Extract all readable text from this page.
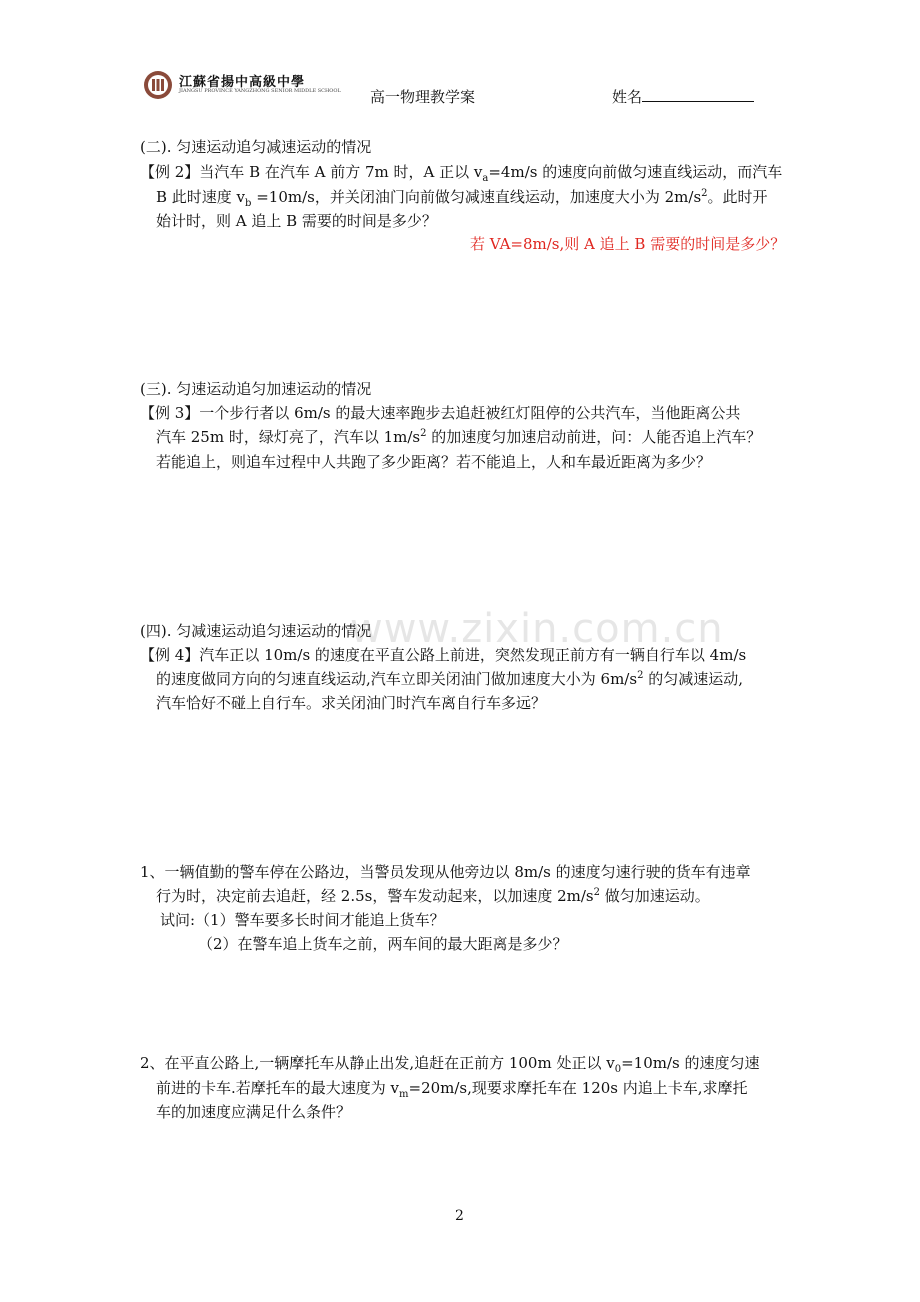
江蘇省揚中高級中學
JIANGSU PROVINCE YANGZHONG SENIOR MIDDLE SCHOOL 高一物理教学案	姓名
www.zixin.com.cn
(二). 匀速运动追匀减速运动的情况
【例 2】当汽车 B 在汽车 A 前方 7m 时，A 正以 $v_a=4m/s$ 的速度向前做匀速直线运动，而汽车
B 此时速度 $v_b =10m/s$，并关闭油门向前做匀减速直线运动，加速度大小为 $2m/s^2$。此时开
始计时，则 A 追上 B 需要的时间是多少？
若 VA=8m/s,则 A 追上 B 需要的时间是多少？
(三). 匀速运动追匀加速运动的情况
【例 3】一个步行者以 6m/s 的最大速率跑步去追赶被红灯阻停的公共汽车，当他距离公共
汽车 25m 时，绿灯亮了，汽车以 $1m/s^2$ 的加速度匀加速启动前进，问：人能否追上汽车？
若能追上，则追车过程中人共跑了多少距离？若不能追上，人和车最近距离为多少？
(四). 匀减速运动追匀速运动的情况
【例 4】汽车正以 10m/s 的速度在平直公路上前进，突然发现正前方有一辆自行车以 4m/s
的速度做同方向的匀速直线运动,汽车立即关闭油门做加速度大小为 $6m/s^2$ 的匀减速运动,
汽车恰好不碰上自行车。求关闭油门时汽车离自行车多远？
1、一辆值勤的警车停在公路边，当警员发现从他旁边以 8m/s 的速度匀速行驶的货车有违章
行为时，决定前去追赶，经 2.5s，警车发动起来，以加速度 $2m/s^2$ 做匀加速运动。
试问:（1）警车要多长时间才能追上货车？
（2）在警车追上货车之前，两车间的最大距离是多少？
2、在平直公路上,一辆摩托车从静止出发,追赶在正前方 100m 处正以 $v_0=10m/s$ 的速度匀速
前进的卡车.若摩托车的最大速度为 $v_m=20m/s$,现要求摩托车在 120s 内追上卡车,求摩托
车的加速度应满足什么条件？
2
